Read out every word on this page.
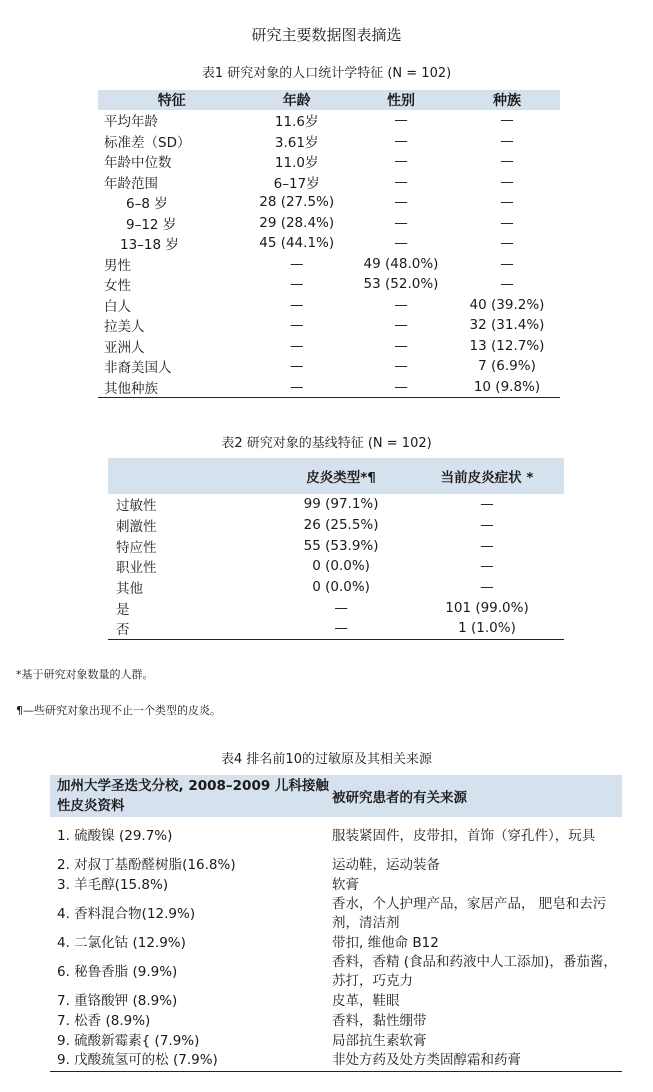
研究主要数据图表摘选
表1 研究对象的人口统计学特征 (N = 102)
特征	年龄	性别	种族
平均年龄	11.6岁	—	—
标准差（SD）	3.61岁	—	—
年龄中位数	11.0岁	—	—
年龄范围	6–17岁	—	—
6–8 岁	28 (27.5%)	—	—
9–12 岁	29 (28.4%)	—	—
13–18 岁	45 (44.1%)	—	—
男性	—	49 (48.0%)	—
女性	—	53 (52.0%)	—
白人	—	—	40 (39.2%)
拉美人	—	—	32 (31.4%)
亚洲人	—	—	13 (12.7%)
非裔美国人	—	—	7 (6.9%)
其他种族	—	—	10 (9.8%)
表2 研究对象的基线特征 (N = 102)
	皮炎类型*¶	当前皮炎症状 *
过敏性	99 (97.1%)	—
刺激性	26 (25.5%)	—
特应性	55 (53.9%)	—
职业性	0 (0.0%)	—
其他	0 (0.0%)	—
是	—	101 (99.0%)
否	—	1 (1.0%)
*基于研究对象数量的人群。
¶—些研究对象出现不止一个类型的皮炎。
表4 排名前10的过敏原及其相关来源
加州大学圣迭戈分校, 2008–2009 儿科接触性皮炎资料	被研究患者的有关来源
1. 硫酸镍 (29.7%)	服装紧固件，皮带扣，首饰（穿孔件），玩具
2. 对叔丁基酚醛树脂(16.8%)	运动鞋，运动装备
3. 羊毛醇(15.8%)	软膏
4. 香料混合物(12.9%)	香水，个人护理产品，家居产品， 肥皂和去污剂，清洁剂
4. 二氯化钴 (12.9%)	带扣, 维他命 B12
6. 秘鲁香脂 (9.9%)	香料，香精 (食品和药液中人工添加)，番茄酱，苏打，巧克力
7. 重铬酸钾 (8.9%)	皮革，鞋眼
7. 松香 (8.9%)	香料，黏性绷带
9. 硫酸新霉素{ (7.9%)	局部抗生素软膏
9. 戊酸巯氢可的松 (7.9%)	非处方药及处方类固醇霜和药膏
